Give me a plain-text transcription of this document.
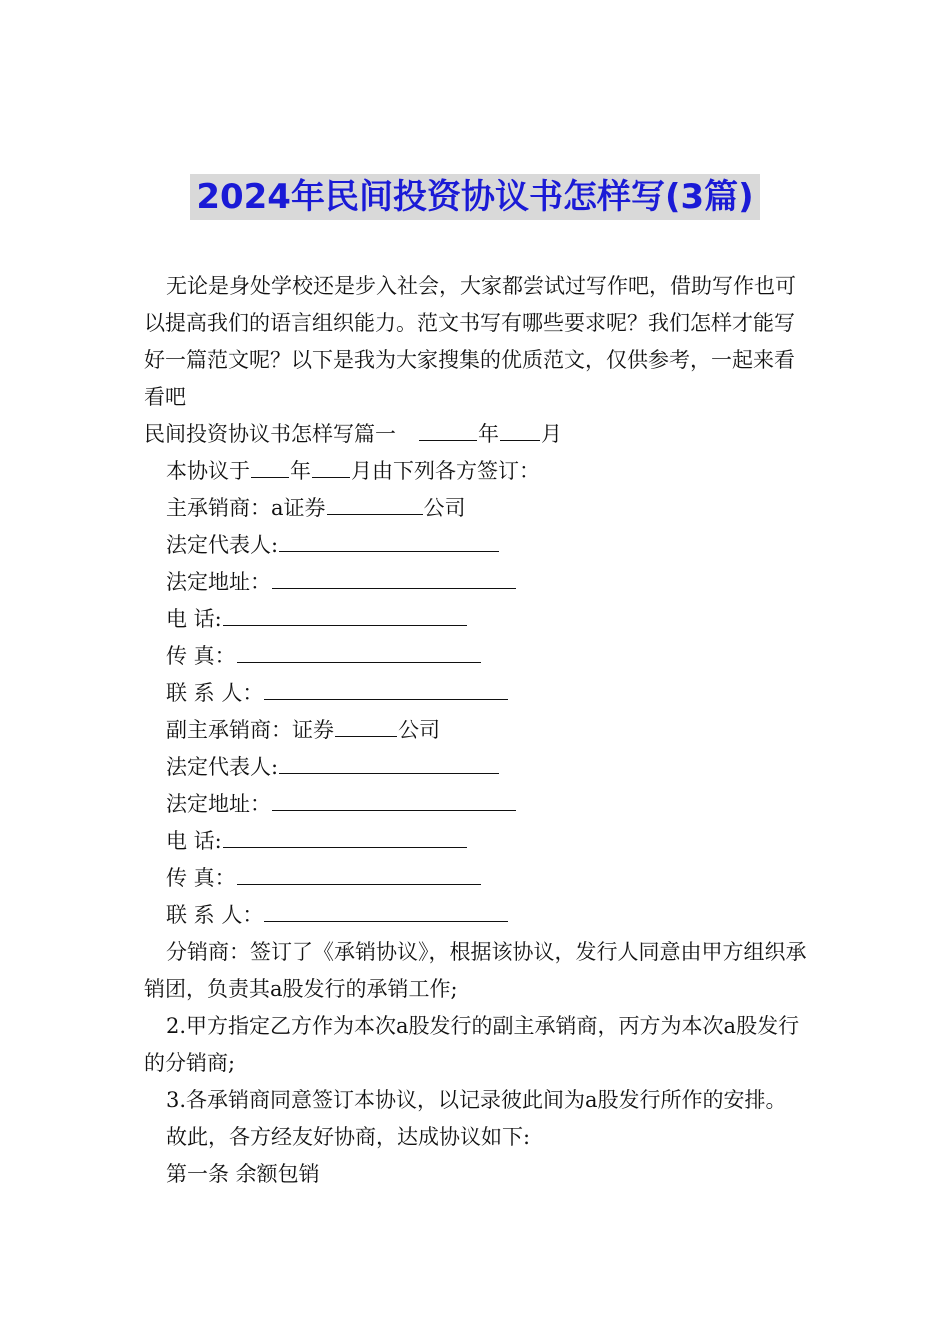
2024年民间投资协议书怎样写(3篇)

无论是身处学校还是步入社会，大家都尝试过写作吧，借助写作也可以提高我们的语言组织能力。范文书写有哪些要求呢？我们怎样才能写好一篇范文呢？以下是我为大家搜集的优质范文，仅供参考，一起来看看吧

民间投资协议书怎样写篇一	年 月

本协议于 年 月由下列各方签订：

主承销商：a证券	公司

法定代表人:

法定地址：

电 话:

传 真：

联 系 人：

副主承销商：证券	公司

法定代表人:

法定地址：

电 话:

传 真：

联 系 人：

分销商：签订了《承销协议》，根据该协议，发行人同意由甲方组织承销团，负责其a股发行的承销工作;

2.甲方指定乙方作为本次a股发行的副主承销商，丙方为本次a股发行的分销商;

3.各承销商同意签订本协议，以记录彼此间为a股发行所作的安排。

故此，各方经友好协商，达成协议如下:

第一条 余额包销
